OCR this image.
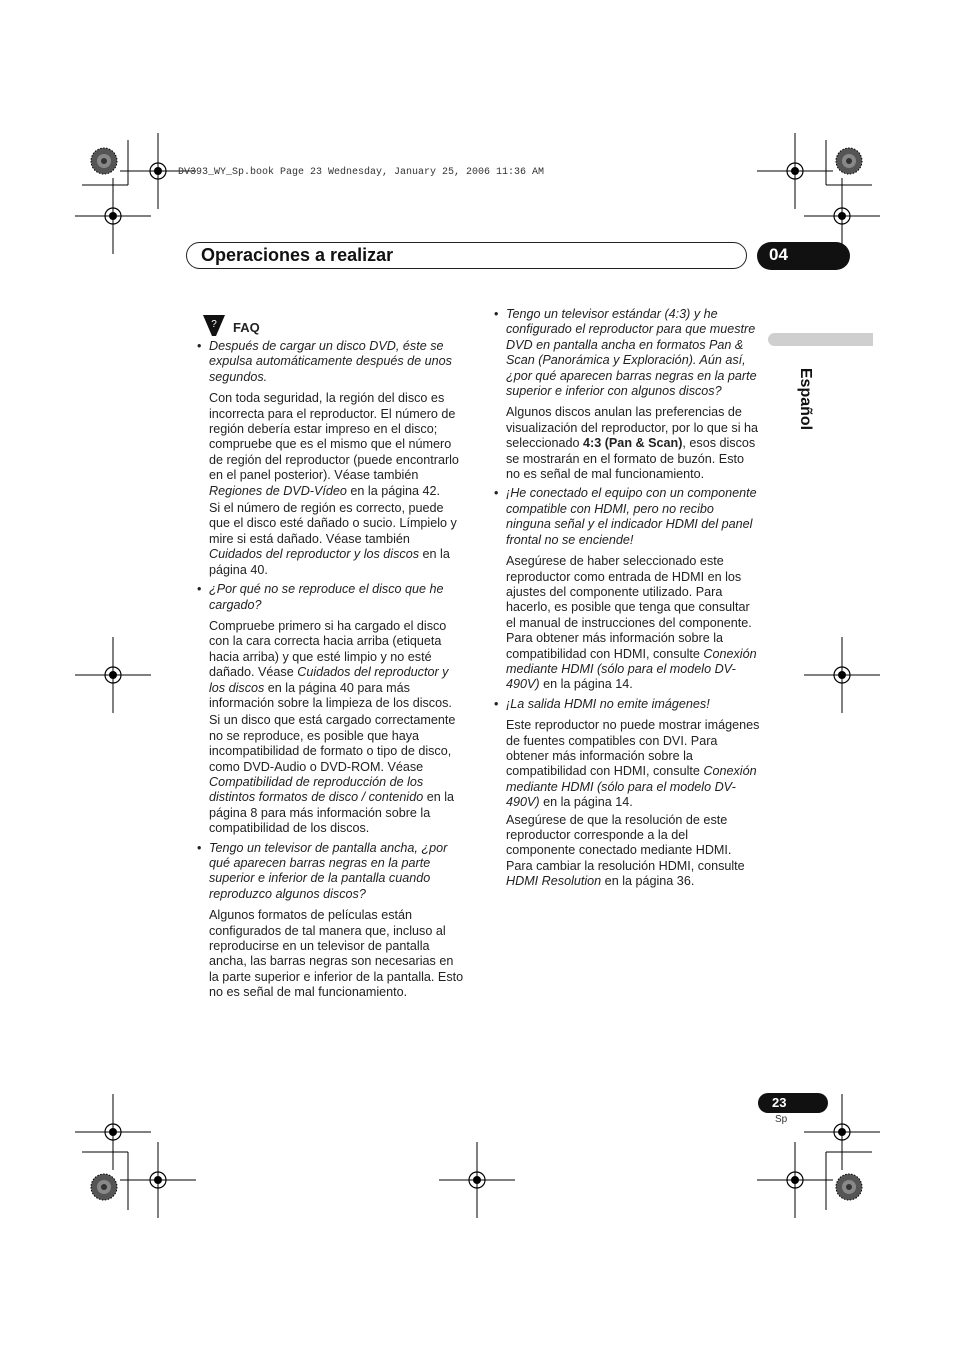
DV393_WY_Sp.book Page 23 Wednesday, January 25, 2006 11:36 AM
Operaciones a realizar	04
Español
? FAQ
• Después de cargar un disco DVD, éste se expulsa automáticamente después de unos segundos.
Con toda seguridad, la región del disco es incorrecta para el reproductor. El número de región debería estar impreso en el disco; compruebe que es el mismo que el número de región del reproductor (puede encontrarlo en el panel posterior). Véase también Regiones de DVD-Vídeo en la página 42.
Si el número de región es correcto, puede que el disco esté dañado o sucio. Límpielo y mire si está dañado. Véase también Cuidados del reproductor y los discos en la página 40.
• ¿Por qué no se reproduce el disco que he cargado?
Compruebe primero si ha cargado el disco con la cara correcta hacia arriba (etiqueta hacia arriba) y que esté limpio y no esté dañado. Véase Cuidados del reproductor y los discos en la página 40 para más información sobre la limpieza de los discos.
Si un disco que está cargado correctamente no se reproduce, es posible que haya incompatibilidad de formato o tipo de disco, como DVD-Audio o DVD-ROM. Véase Compatibilidad de reproducción de los distintos formatos de disco / contenido en la página 8 para más información sobre la compatibilidad de los discos.
• Tengo un televisor de pantalla ancha, ¿por qué aparecen barras negras en la parte superior e inferior de la pantalla cuando reproduzco algunos discos?
Algunos formatos de películas están configurados de tal manera que, incluso al reproducirse en un televisor de pantalla ancha, las barras negras son necesarias en la parte superior e inferior de la pantalla. Esto no es señal de mal funcionamiento.
• Tengo un televisor estándar (4:3) y he configurado el reproductor para que muestre DVD en pantalla ancha en formatos Pan & Scan (Panorámica y Exploración). Aún así, ¿por qué aparecen barras negras en la parte superior e inferior con algunos discos?
Algunos discos anulan las preferencias de visualización del reproductor, por lo que si ha seleccionado 4:3 (Pan & Scan), esos discos se mostrarán en el formato de buzón. Esto no es señal de mal funcionamiento.
• ¡He conectado el equipo con un componente compatible con HDMI, pero no recibo ninguna señal y el indicador HDMI del panel frontal no se enciende!
Asegúrese de haber seleccionado este reproductor como entrada de HDMI en los ajustes del componente utilizado. Para hacerlo, es posible que tenga que consultar el manual de instrucciones del componente. Para obtener más información sobre la compatibilidad con HDMI, consulte Conexión mediante HDMI (sólo para el modelo DV-490V) en la página 14.
• ¡La salida HDMI no emite imágenes!
Este reproductor no puede mostrar imágenes de fuentes compatibles con DVI. Para obtener más información sobre la compatibilidad con HDMI, consulte Conexión mediante HDMI (sólo para el modelo DV-490V) en la página 14.
Asegúrese de que la resolución de este reproductor corresponde a la del componente conectado mediante HDMI. Para cambiar la resolución HDMI, consulte HDMI Resolution en la página 36.
23
Sp
